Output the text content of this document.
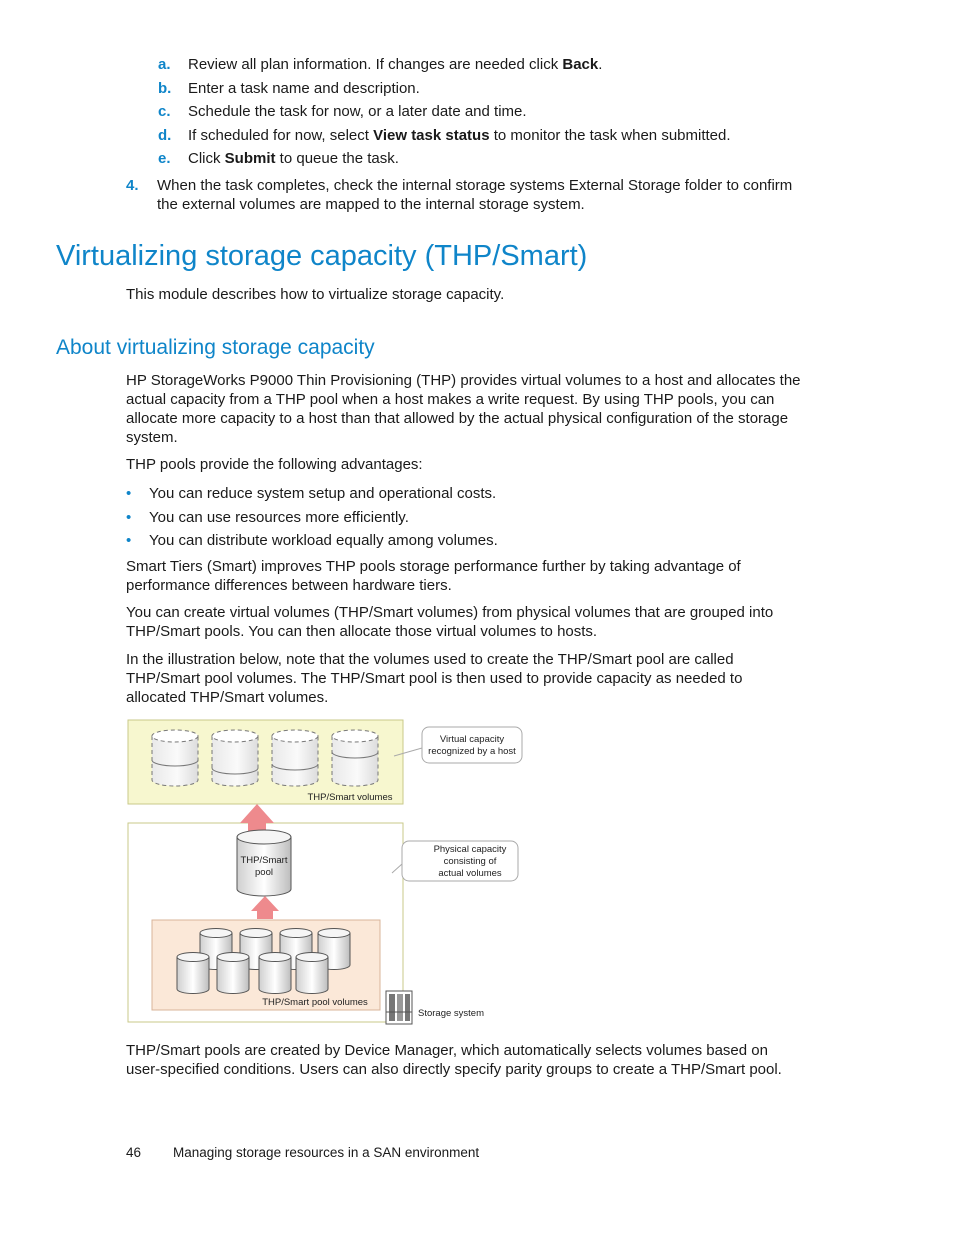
a. Review all plan information. If changes are needed click Back.
b. Enter a task name and description.
c. Schedule the task for now, or a later date and time.
d. If scheduled for now, select View task status to monitor the task when submitted.
e. Click Submit to queue the task.
4. When the task completes, check the internal storage systems External Storage folder to confirm the external volumes are mapped to the internal storage system.
Virtualizing storage capacity (THP/Smart)

This module describes how to virtualize storage capacity.

About virtualizing storage capacity

HP StorageWorks P9000 Thin Provisioning (THP) provides virtual volumes to a host and allocates the actual capacity from a THP pool when a host makes a write request. By using THP pools, you can allocate more capacity to a host than that allowed by the actual physical configuration of the storage system.

THP pools provide the following advantages:

• You can reduce system setup and operational costs.
• You can use resources more efficiently.
• You can distribute workload equally among volumes.

Smart Tiers (Smart) improves THP pools storage performance further by taking advantage of performance differences between hardware tiers.

You can create virtual volumes (THP/Smart volumes) from physical volumes that are grouped into THP/Smart pools. You can then allocate those virtual volumes to hosts.

In the illustration below, note that the volumes used to create the THP/Smart pool are called THP/Smart pool volumes. The THP/Smart pool is then used to provide capacity as needed to allocated THP/Smart volumes.

THP/Smart volumes
Virtual capacity
recognized by a host
THP/Smart
pool
Physical capacity
consisting of
actual volumes
THP/Smart pool volumes
Storage system

THP/Smart pools are created by Device Manager, which automatically selects volumes based on user-specified conditions. Users can also directly specify parity groups to create a THP/Smart pool.

46 Managing storage resources in a SAN environment
